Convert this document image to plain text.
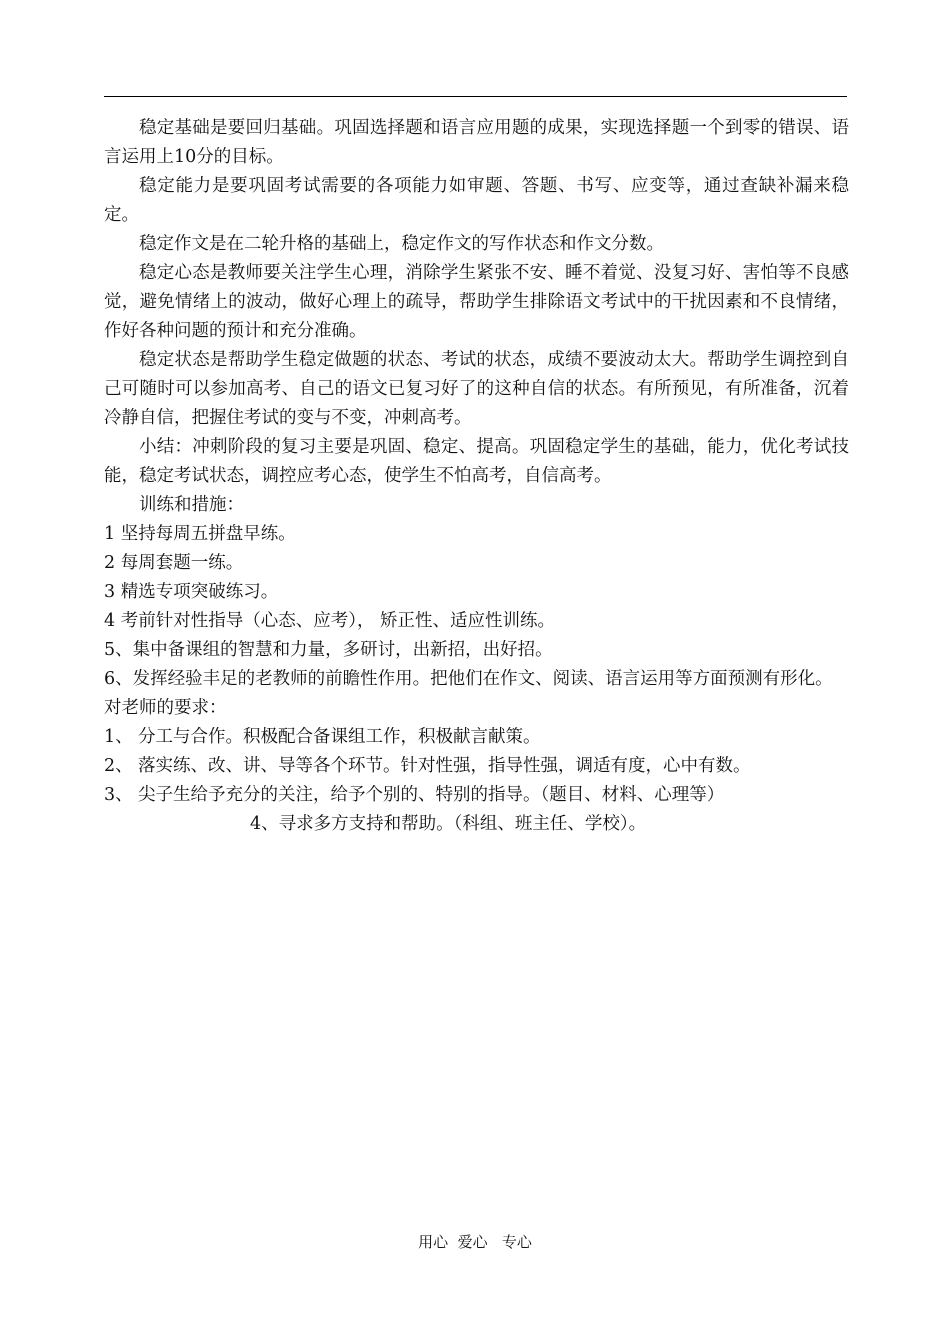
稳定基础是要回归基础。巩固选择题和语言应用题的成果，实现选择题一个到零的错误、语言运用上10分的目标。

稳定能力是要巩固考试需要的各项能力如审题、答题、书写、应变等，通过查缺补漏来稳定。

稳定作文是在二轮升格的基础上，稳定作文的写作状态和作文分数。

稳定心态是教师要关注学生心理，消除学生紧张不安、睡不着觉、没复习好、害怕等不良感觉，避免情绪上的波动，做好心理上的疏导，帮助学生排除语文考试中的干扰因素和不良情绪，作好各种问题的预计和充分准确。

稳定状态是帮助学生稳定做题的状态、考试的状态，成绩不要波动太大。帮助学生调控到自己可随时可以参加高考、自己的语文已复习好了的这种自信的状态。有所预见，有所准备，沉着冷静自信，把握住考试的变与不变，冲刺高考。

小结：冲刺阶段的复习主要是巩固、稳定、提高。巩固稳定学生的基础，能力，优化考试技能，稳定考试状态，调控应考心态，使学生不怕高考，自信高考。

训练和措施：

1 坚持每周五拼盘早练。

2 每周套题一练。

3 精选专项突破练习。

4 考前针对性指导（心态、应考）， 矫正性、适应性训练。

5、集中备课组的智慧和力量，多研讨，出新招，出好招。

6、发挥经验丰足的老教师的前瞻性作用。把他们在作文、阅读、语言运用等方面预测有形化。

对老师的要求：

1、 分工与合作。积极配合备课组工作，积极献言献策。

2、 落实练、改、讲、导等各个环节。针对性强，指导性强，调适有度，心中有数。

3、 尖子生给予充分的关注，给予个别的、特别的指导。（题目、材料、心理等）

4、寻求多方支持和帮助。（科组、班主任、学校）。

用心  爱心   专心
